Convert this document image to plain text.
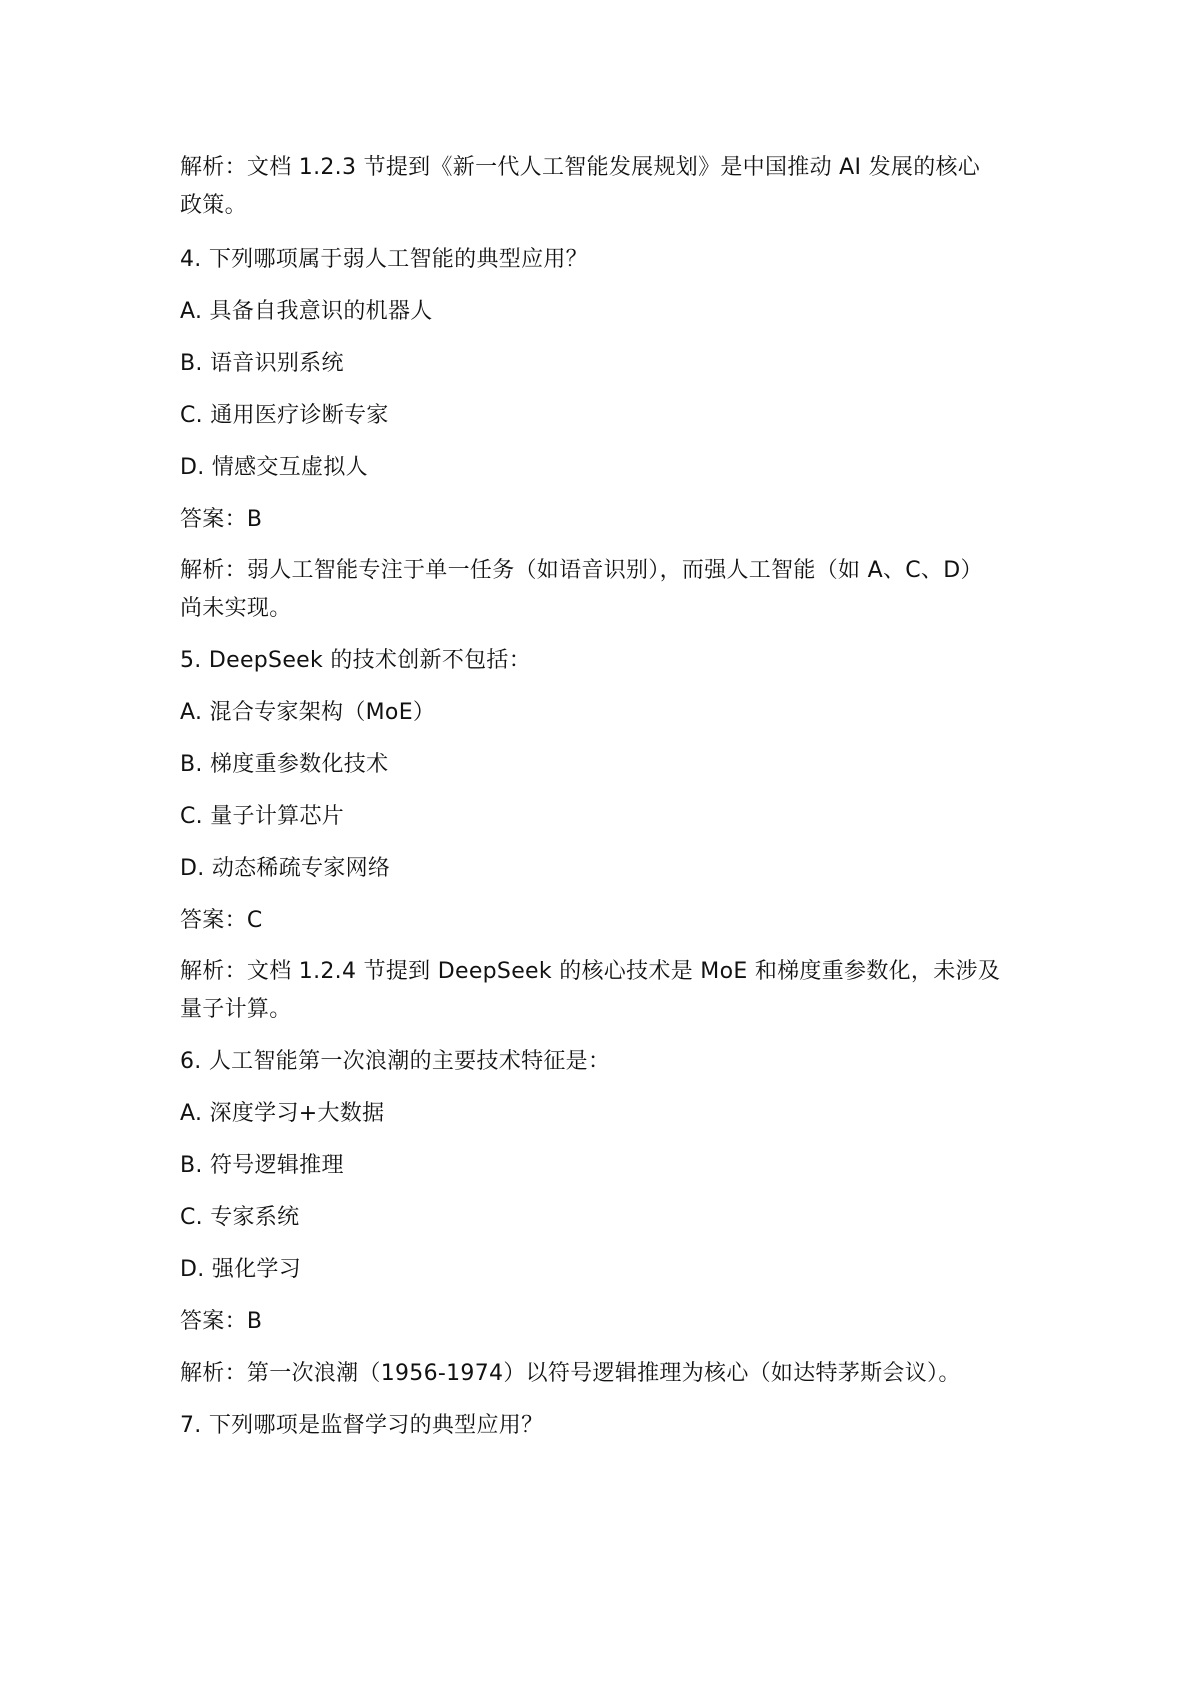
解析：文档 1.2.3 节提到《新一代人工智能发展规划》是中国推动 AI 发展的核心
政策。
4. 下列哪项属于弱人工智能的典型应用？
A. 具备自我意识的机器人
B. 语音识别系统
C. 通用医疗诊断专家
D. 情感交互虚拟人
答案：B
解析：弱人工智能专注于单一任务（如语音识别），而强人工智能（如 A、C、D）
尚未实现。
5. DeepSeek 的技术创新不包括：
A. 混合专家架构（MoE）
B. 梯度重参数化技术
C. 量子计算芯片
D. 动态稀疏专家网络
答案：C
解析：文档 1.2.4 节提到 DeepSeek 的核心技术是 MoE 和梯度重参数化，未涉及
量子计算。
6. 人工智能第一次浪潮的主要技术特征是：
A. 深度学习+大数据
B. 符号逻辑推理
C. 专家系统
D. 强化学习
答案：B
解析：第一次浪潮（1956-1974）以符号逻辑推理为核心（如达特茅斯会议）。
7. 下列哪项是监督学习的典型应用？
